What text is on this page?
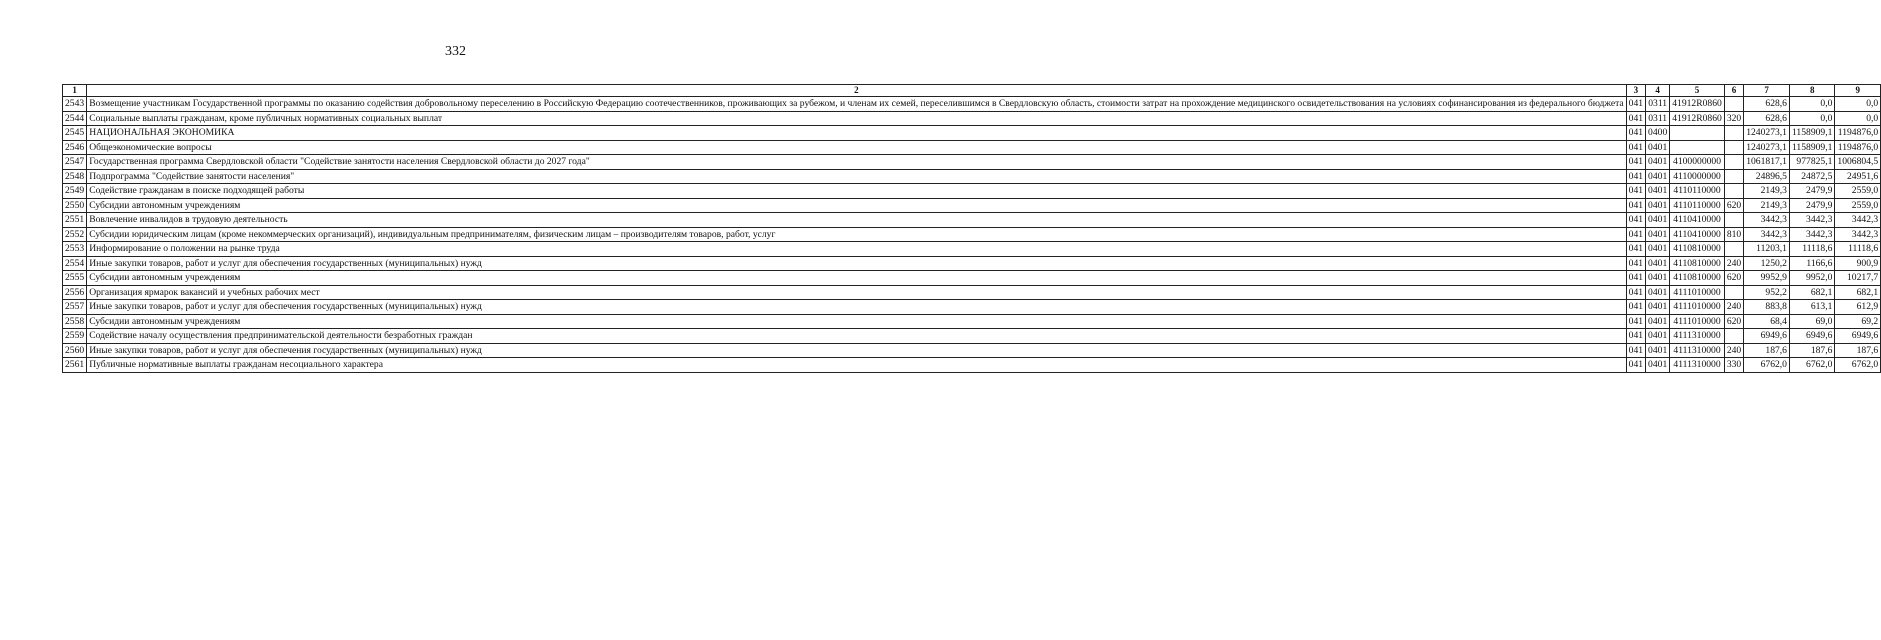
332
1	2	3	4	5	6	7	8	9
2543	Возмещение участникам Государственной программы по оказанию содействия добровольному переселению в Российскую Федерацию соотечественников, проживающих за рубежом, и членам их семей, переселившимся в Свердловскую область, стоимости затрат на прохождение медицинского освидетельствования на условиях софинансирования из федерального бюджета	041	0311	41912R0860		628,6	0,0	0,0
2544	Социальные выплаты гражданам, кроме публичных нормативных социальных выплат	041	0311	41912R0860	320	628,6	0,0	0,0
2545	НАЦИОНАЛЬНАЯ ЭКОНОМИКА	041	0400			1240273,1	1158909,1	1194876,0
2546	Общеэкономические вопросы	041	0401			1240273,1	1158909,1	1194876,0
2547	Государственная программа Свердловской области "Содействие занятости населения Свердловской области до 2027 года"	041	0401	4100000000		1061817,1	977825,1	1006804,5
2548	Подпрограмма "Содействие занятости населения"	041	0401	4110000000		24896,5	24872,5	24951,6
2549	Содействие гражданам в поиске подходящей работы	041	0401	4110110000		2149,3	2479,9	2559,0
2550	Субсидии автономным учреждениям	041	0401	4110110000	620	2149,3	2479,9	2559,0
2551	Вовлечение инвалидов в трудовую деятельность	041	0401	4110410000		3442,3	3442,3	3442,3
2552	Субсидии юридическим лицам (кроме некоммерческих организаций), индивидуальным предпринимателям, физическим лицам – производителям товаров, работ, услуг	041	0401	4110410000	810	3442,3	3442,3	3442,3
2553	Информирование о положении на рынке труда	041	0401	4110810000		11203,1	11118,6	11118,6
2554	Иные закупки товаров, работ и услуг для обеспечения государственных (муниципальных) нужд	041	0401	4110810000	240	1250,2	1166,6	900,9
2555	Субсидии автономным учреждениям	041	0401	4110810000	620	9952,9	9952,0	10217,7
2556	Организация ярмарок вакансий и учебных рабочих мест	041	0401	4111010000		952,2	682,1	682,1
2557	Иные закупки товаров, работ и услуг для обеспечения государственных (муниципальных) нужд	041	0401	4111010000	240	883,8	613,1	612,9
2558	Субсидии автономным учреждениям	041	0401	4111010000	620	68,4	69,0	69,2
2559	Содействие началу осуществления предпринимательской деятельности безработных граждан	041	0401	4111310000		6949,6	6949,6	6949,6
2560	Иные закупки товаров, работ и услуг для обеспечения государственных (муниципальных) нужд	041	0401	4111310000	240	187,6	187,6	187,6
2561	Публичные нормативные выплаты гражданам несоциального характера	041	0401	4111310000	330	6762,0	6762,0	6762,0
